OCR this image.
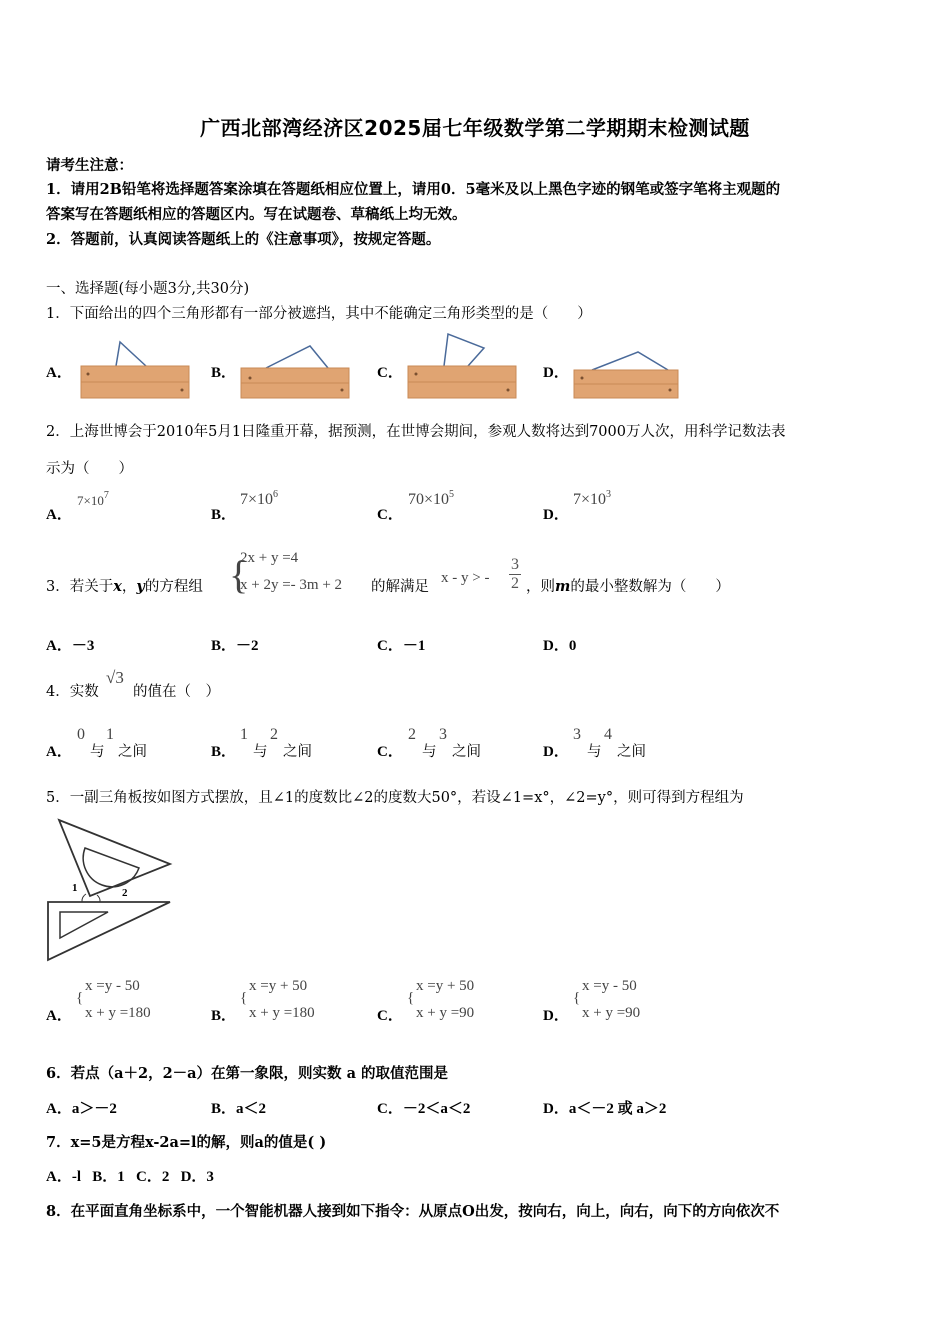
广西北部湾经济区2025届七年级数学第二学期期末检测试题
请考生注意：
1．请用2B铅笔将选择题答案涂填在答题纸相应位置上，请用0．5毫米及以上黑色字迹的钢笔或签字笔将主观题的
答案写在答题纸相应的答题区内。写在试题卷、草稿纸上均无效。
2．答题前，认真阅读答题纸上的《注意事项》，按规定答题。
一、选择题(每小题3分,共30分)
1．下面给出的四个三角形都有一部分被遮挡，其中不能确定三角形类型的是（　　）
A．	B．	C．	D．
2．上海世博会于2010年5月1日隆重开幕，据预测，在世博会期间，参观人数将达到7000万人次，用科学记数法表
示为（　　）
A．
$7\times 10^7$
B．
$7\times 10^6$
C．
$70\times 10^5$
D．
$7\times 10^3$
3．若关于x，y的方程组 {
2x + y =4
x + 2y =- 3m + 2 的解满足
x - y > - $\frac{3}{2}$ ，则m的最小整数解为（　　）
A．－3	B．－2	C．－1	D．0
4．实数
√3
的值在（　）
A．
0
与
1
之间	B．
1
与
2
之间	C．
2
与
3
之间	D．
3
与
4
之间
5．一副三角板按如图方式摆放，且∠1的度数比∠2的度数大50°，若设∠1=x°，∠2=y°，则可得到方程组为
1	2
A．
{
x =y - 50
x + y =180	B．
{
x =y + 50
x + y =180	C．
{
x =y + 50
x + y =90	D．
{
x =y - 50
x + y =90
6．若点（a＋2，2－a）在第一象限，则实数 a 的取值范围是
A．a＞－2	B．a＜2	C．－2＜a＜2	D．a＜－2 或 a＞2
7．x=5是方程x-2a=l的解，则a的值是( )
A．-l   B．1   C．2   D．3
8．在平面直角坐标系中，一个智能机器人接到如下指令：从原点O出发，按向右，向上，向右，向下的方向依次不
